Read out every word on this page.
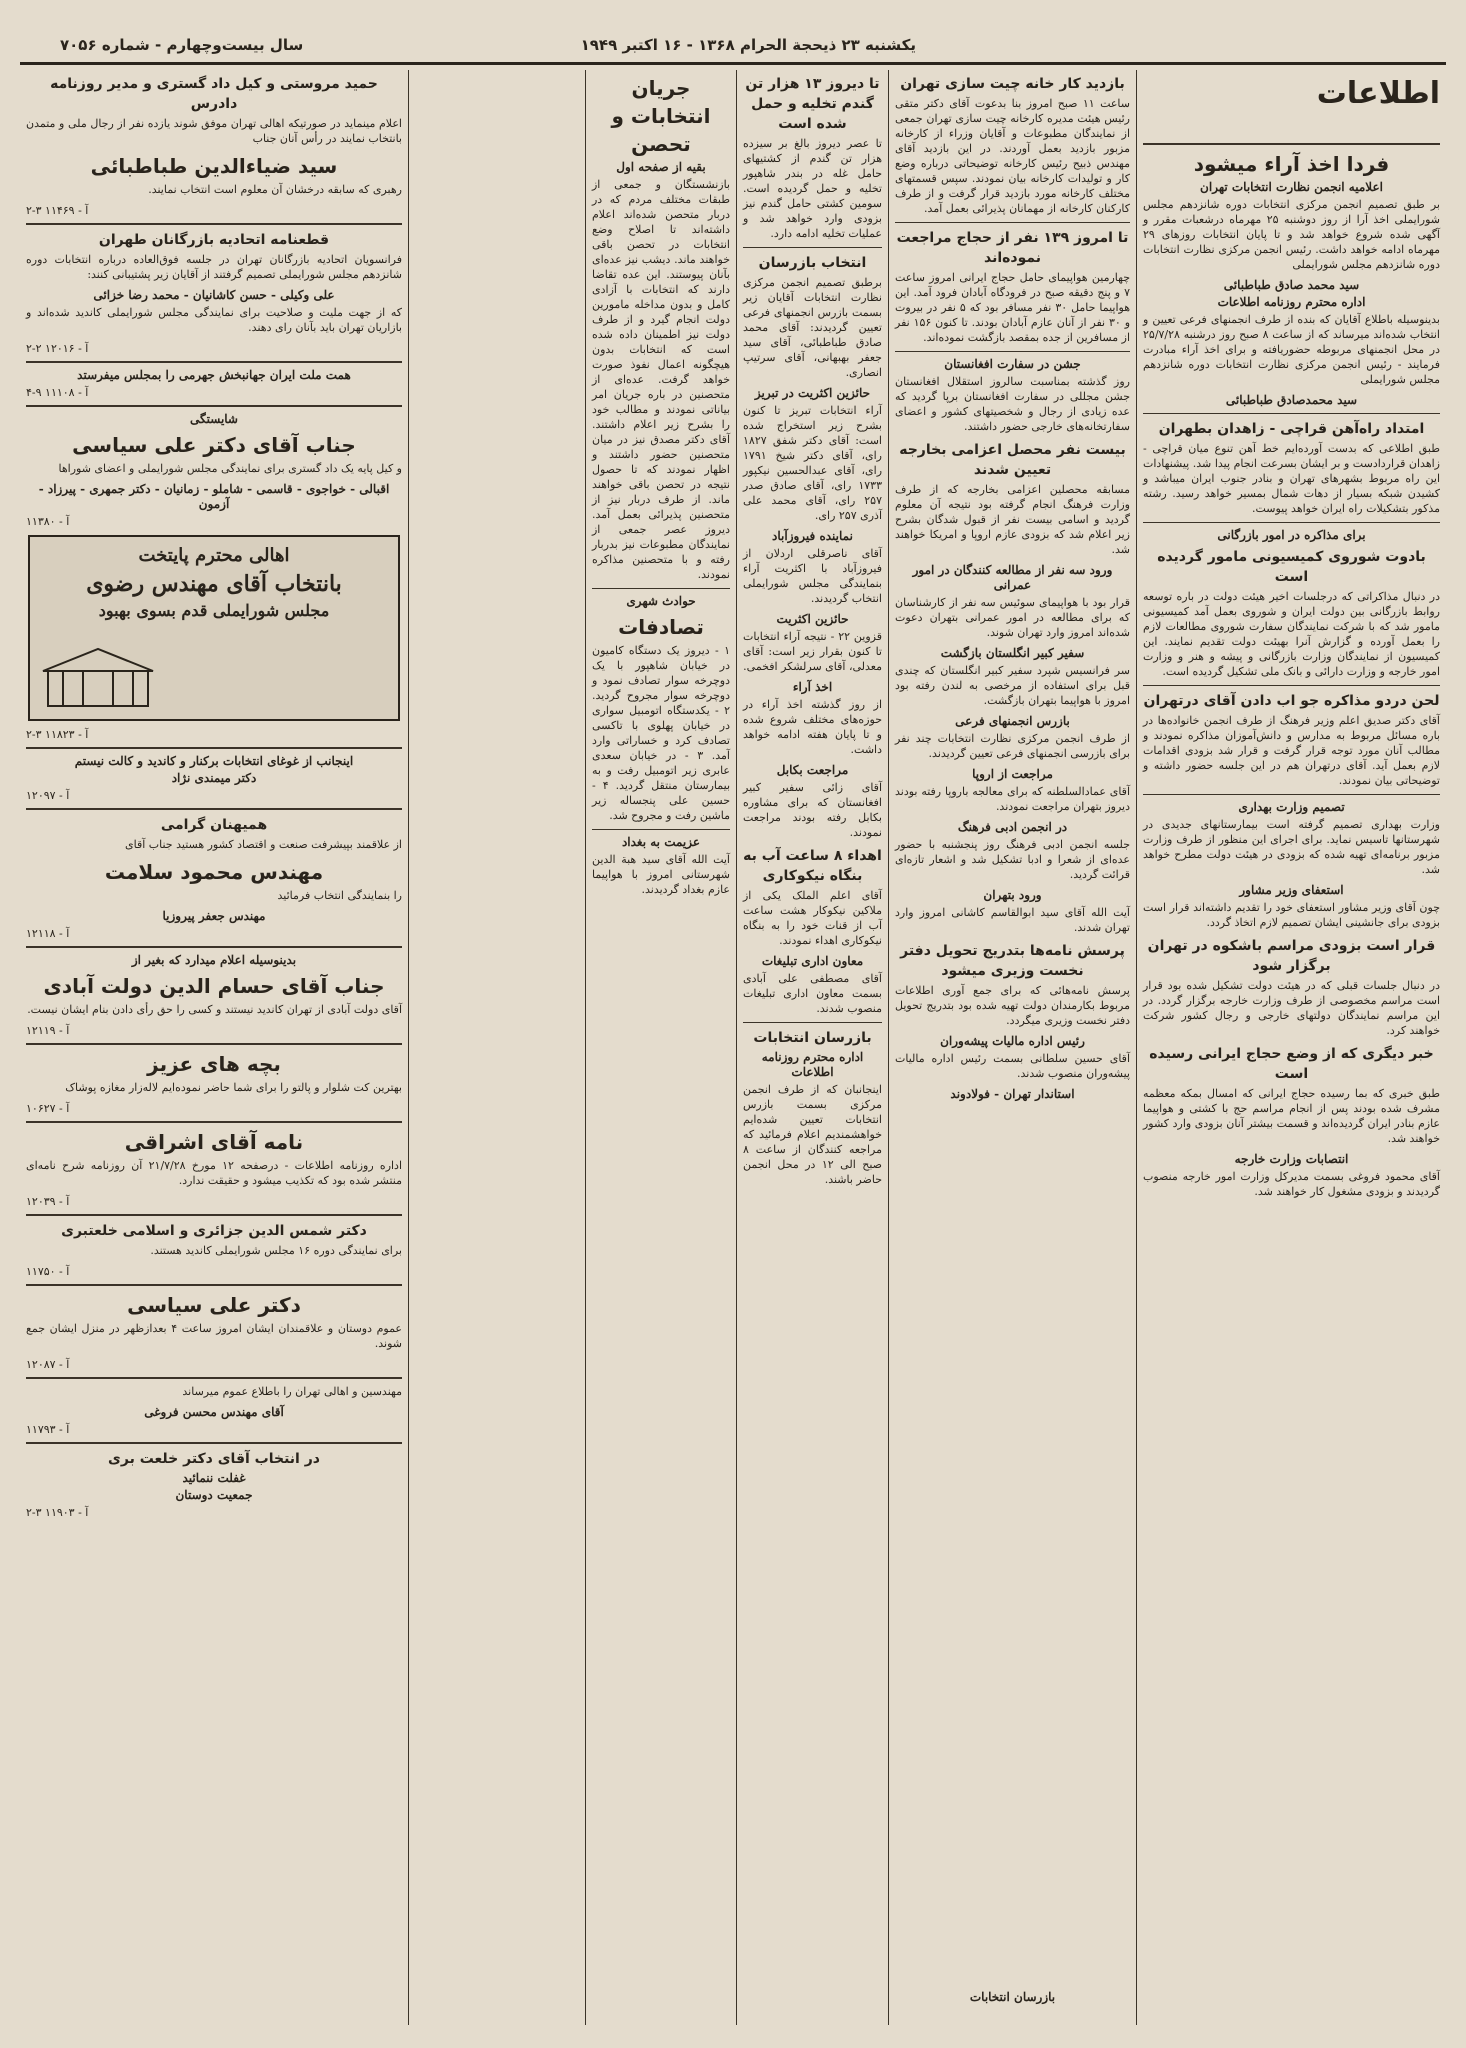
یکشنبه ۲۳ ذیحجة الحرام ۱۳۶۸ - ۱۶ اکتبر ۱۹۴۹
سال بیست‌وچهارم - شماره ۷۰۵۶
اطلاعات
فردا اخذ آراء میشود
اعلامیه انجمن نظارت انتخابات تهران
بر طبق تصمیم انجمن مرکزی انتخابات دوره شانزدهم مجلس شورایملی اخذ آرا از روز دوشنبه ۲۵ مهرماه درشعبات مقرر و آگهی شده شروع خواهد شد و تا پایان انتخابات روزهای ۲۹ مهرماه ادامه خواهد داشت. رئیس انجمن مرکزی نظارت انتخابات دوره شانزدهم مجلس شورایملی
سید محمد صادق طباطبائی
اداره محترم روزنامه اطلاعات
بدینوسیله باطلاع آقایان که بنده از طرف انجمنهای فرعی تعیین و انتخاب شده‌اند میرساند که از ساعت ۸ صبح روز درشنبه ۲۵/۷/۲۸ در محل انجمنهای مربوطه حضوریافته و برای اخذ آراء مبادرت فرمایند - رئیس انجمن مرکزی نظارت انتخابات دوره شانزدهم مجلس شورایملی
سید محمدصادق طباطبائی
امتداد راه‌آهن قراچی - زاهدان بطهران
طبق اطلاعی که بدست آورده‌ایم خط آهن تنوع میان قراچی - زاهدان قراردادست و بر ایشان بسرعت انجام پیدا شد. پیشنهادات این راه مربوط بشهرهای تهران و بنادر جنوب ایران میباشد و کشیدن شبکه بسیار از دهات شمال بمسیر خواهد رسید. رشته مذکور بتشکیلات راه ایران خواهد پیوست.
برای مذاکره در امور بازرگانی
بادوت شوروی کمیسیونی مامور گردیده است
در دنبال مذاکراتی که درجلسات اخیر هیئت دولت در باره توسعه روابط بازرگانی بین دولت ایران و شوروی بعمل آمد کمیسیونی مامور شد که با شرکت نمایندگان سفارت شوروی مطالعات لازم را بعمل آورده و گزارش آنرا بهیئت دولت تقدیم نمایند. این کمیسیون از نمایندگان وزارت بازرگانی و پیشه و هنر و وزارت امور خارجه و وزارت دارائی و بانک ملی تشکیل گردیده است.
لحن دردو مذاکره جو اب دادن آقای درتهران
آقای دکتر صدیق اعلم وزیر فرهنگ از طرف انجمن خانواده‌ها در باره مسائل مربوط به مدارس و دانش‌آموزان مذاکره نمودند و مطالب آنان مورد توجه قرار گرفت و قرار شد بزودی اقدامات لازم بعمل آید. آقای درتهران هم در این جلسه حضور داشته و توضیحاتی بیان نمودند.
تصمیم وزارت بهداری
وزارت بهداری تصمیم گرفته است بیمارستانهای جدیدی در شهرستانها تاسیس نماید. برای اجرای این منظور از طرف وزارت مزبور برنامه‌ای تهیه شده که بزودی در هیئت دولت مطرح خواهد شد.
استعفای وزیر مشاور
چون آقای وزیر مشاور استعفای خود را تقدیم داشته‌اند قرار است بزودی برای جانشینی ایشان تصمیم لازم اتخاذ گردد.
قرار است بزودی مراسم باشکوه در تهران برگزار شود
در دنبال جلسات قبلی که در هیئت دولت تشکیل شده بود قرار است مراسم مخصوصی از طرف وزارت خارجه برگزار گردد. در این مراسم نمایندگان دولتهای خارجی و رجال کشور شرکت خواهند کرد.
خبر دیگری که از وضع حجاج ایرانی رسیده است
طبق خبری که بما رسیده حجاج ایرانی که امسال بمکه معظمه مشرف شده بودند پس از انجام مراسم حج با کشتی و هواپیما عازم بنادر ایران گردیده‌اند و قسمت بیشتر آنان بزودی وارد کشور خواهند شد.
انتصابات وزارت خارجه
آقای محمود فروغی بسمت مدیرکل وزارت امور خارجه منصوب گردیدند و بزودی مشغول کار خواهند شد.
بازدید کار خانه چیت سازی تهران
ساعت ۱۱ صبح امروز بنا بدعوت آقای دکتر متقی رئیس هیئت مدیره کارخانه چیت سازی تهران جمعی از نمایندگان مطبوعات و آقایان وزراء از کارخانه مزبور بازدید بعمل آوردند. در این بازدید آقای مهندس ذبیح رئیس کارخانه توضیحاتی درباره وضع کار و تولیدات کارخانه بیان نمودند. سپس قسمتهای مختلف کارخانه مورد بازدید قرار گرفت و از طرف کارکنان کارخانه از مهمانان پذیرائی بعمل آمد.
تا امروز ۱۳۹ نفر از حجاج مراجعت نموده‌اند
چهارمین هواپیمای حامل حجاج ایرانی امروز ساعت ۷ و پنج دقیقه صبح در فرودگاه آبادان فرود آمد. این هواپیما حامل ۳۰ نفر مسافر بود که ۵ نفر در بیروت و ۳۰ نفر از آنان عازم آبادان بودند. تا کنون ۱۵۶ نفر از مسافرین از جده بمقصد بازگشت نموده‌اند.
جشن در سفارت افغانستان
روز گذشته بمناسبت سالروز استقلال افغانستان جشن مجللی در سفارت افغانستان برپا گردید که عده زیادی از رجال و شخصیتهای کشور و اعضای سفارتخانه‌های خارجی حضور داشتند.
بیست نفر محصل اعزامی بخارجه تعیین شدند
مسابقه محصلین اعزامی بخارجه که از طرف وزارت فرهنگ انجام گرفته بود نتیجه آن معلوم گردید و اسامی بیست نفر از قبول شدگان بشرح زیر اعلام شد که بزودی عازم اروپا و امریکا خواهند شد.
ورود سه نفر از مطالعه کنندگان در امور عمرانی
قرار بود با هواپیمای سوئیس سه نفر از کارشناسان که برای مطالعه در امور عمرانی بتهران دعوت شده‌اند امروز وارد تهران شوند.
سفیر کبیر انگلستان بازگشت
سر فرانسیس شپرد سفیر کبیر انگلستان که چندی قبل برای استفاده از مرخصی به لندن رفته بود امروز با هواپیما بتهران بازگشت.
بازرس انجمنهای فرعی
از طرف انجمن مرکزی نظارت انتخابات چند نفر برای بازرسی انجمنهای فرعی تعیین گردیدند.
مراجعت از اروپا
آقای عمادالسلطنه که برای معالجه باروپا رفته بودند دیروز بتهران مراجعت نمودند.
در انجمن ادبی فرهنگ
جلسه انجمن ادبی فرهنگ روز پنجشنبه با حضور عده‌ای از شعرا و ادبا تشکیل شد و اشعار تازه‌ای قرائت گردید.
ورود بتهران
آیت الله آقای سید ابوالقاسم کاشانی امروز وارد تهران شدند.
پرسش نامه‌ها بتدریج تحویل دفتر نخست وزیری میشود
پرسش نامه‌هائی که برای جمع آوری اطلاعات مربوط بکارمندان دولت تهیه شده بود بتدریج تحویل دفتر نخست وزیری میگردد.
رئیس اداره مالیات پیشه‌وران
آقای حسین سلطانی بسمت رئیس اداره مالیات پیشه‌وران منصوب شدند.
استاندار تهران - فولادوند
تا دیروز ۱۳ هزار تن گندم تخلیه و حمل شده است
تا عصر دیروز بالغ بر سیزده هزار تن گندم از کشتیهای حامل غله در بندر شاهپور تخلیه و حمل گردیده است. سومین کشتی حامل گندم نیز بزودی وارد خواهد شد و عملیات تخلیه ادامه دارد.
انتخاب بازرسان
برطبق تصمیم انجمن مرکزی نظارت انتخابات آقایان زیر بسمت بازرس انجمنهای فرعی تعیین گردیدند: آقای محمد صادق طباطبائی، آقای سید جعفر بهبهانی، آقای سرتیپ انصاری.
حائزین اکثریت در تبریز
آراء انتخابات تبریز تا کنون بشرح زیر استخراج شده است: آقای دکتر شفق ۱۸۲۷ رای، آقای دکتر شیخ ۱۷۹۱ رای، آقای عبدالحسین نیکپور ۱۷۳۳ رای، آقای صادق صدر ۲۵۷ رای، آقای محمد علی آذری ۲۵۷ رای.
نماینده فیروزآباد
آقای ناصرقلی اردلان از فیروزآباد با اکثریت آراء بنمایندگی مجلس شورایملی انتخاب گردیدند.
حائزین اکثریت
قزوین ۲۲ - نتیجه آراء انتخابات تا کنون بقرار زیر است: آقای معدلی، آقای سرلشکر افخمی.
اخذ آراء
از روز گذشته اخذ آراء در حوزه‌های مختلف شروع شده و تا پایان هفته ادامه خواهد داشت.
مراجعت بکابل
آقای زائی سفیر کبیر افغانستان که برای مشاوره بکابل رفته بودند مراجعت نمودند.
اهداء ۸ ساعت آب به بنگاه نیکوکاری
آقای اعلم الملک یکی از ملاکین نیکوکار هشت ساعت آب از قنات خود را به بنگاه نیکوکاری اهداء نمودند.
معاون اداری تبلیغات
آقای مصطفی علی آبادی بسمت معاون اداری تبلیغات منصوب شدند.
بازرسان انتخابات
اداره محترم روزنامه اطلاعات
اینجانبان که از طرف انجمن مرکزی بسمت بازرس انتخابات تعیین شده‌ایم خواهشمندیم اعلام فرمائید که مراجعه کنندگان از ساعت ۸ صبح الی ۱۲ در محل انجمن حاضر باشند.
جریان انتخابات و تحصن
بقیه از صفحه اول
بازنشستگان و جمعی از طبقات مختلف مردم که در دربار متحصن شده‌اند اعلام داشته‌اند تا اصلاح وضع انتخابات در تحصن باقی خواهند ماند. دیشب نیز عده‌ای بآنان پیوستند. این عده تقاضا دارند که انتخابات با آزادی کامل و بدون مداخله مامورین دولت انجام گیرد و از طرف دولت نیز اطمینان داده شده است که انتخابات بدون هیچگونه اعمال نفوذ صورت خواهد گرفت. عده‌ای از متحصنین در باره جریان امر بیاناتی نمودند و مطالب خود را بشرح زیر اعلام داشتند. آقای دکتر مصدق نیز در میان متحصنین حضور داشتند و اظهار نمودند که تا حصول نتیجه در تحصن باقی خواهند ماند. از طرف دربار نیز از متحصنین پذیرائی بعمل آمد. دیروز عصر جمعی از نمایندگان مطبوعات نیز بدربار رفته و با متحصنین مذاکره نمودند.
حوادث شهری
تصادفات
۱ - دیروز یک دستگاه کامیون در خیابان شاهپور با یک دوچرخه سوار تصادف نمود و دوچرخه سوار مجروح گردید. ۲ - یکدستگاه اتومبیل سواری در خیابان پهلوی با تاکسی تصادف کرد و خساراتی وارد آمد. ۳ - در خیابان سعدی عابری زیر اتومبیل رفت و به بیمارستان منتقل گردید. ۴ - حسین علی پنجساله زیر ماشین رفت و مجروح شد.
عزیمت به بغداد
آیت الله آقای سید هبة الدین شهرستانی امروز با هواپیما عازم بغداد گردیدند.
حمید مروستی و کیل داد گستری و مدیر روزنامه دادرس
اعلام مینماید در صورتیکه اهالی تهران موفق شوند یازده نفر از رجال ملی و متمدن بانتخاب نمایند در رأس آنان جناب
سید ضیاءالدین طباطبائی
رهبری که سابقه درخشان آن معلوم است انتخاب نمایند.
۲-۳ آ - ۱۱۴۶۹
قطعنامه اتحادیه بازرگانان طهران
فرانسویان اتحادیه بازرگانان تهران در جلسه فوق‌العاده درباره انتخابات دوره شانزدهم مجلس شورایملی تصمیم گرفتند از آقایان زیر پشتیبانی کنند:
علی وکیلی - حسن کاشانیان - محمد رضا خزائی
که از جهت ملیت و صلاحیت برای نمایندگی مجلس شورایملی کاندید شده‌اند و بازاریان تهران باید بآنان رای دهند.
۲-۲ آ - ۱۲۰۱۶
همت ملت ایران جهانبخش جهرمی را بمجلس میفرستد
۴-۹ آ - ۱۱۱۰۸
شایستگی
جناب آقای دکتر علی سیاسی
و کیل پایه یک داد گستری برای نمایندگی مجلس شورایملی و اعضای شوراها
اقبالی - خواجوی - قاسمی - شاملو - زمانیان - دکتر جمهری - پیرزاد - آزمون
آ - ۱۱۳۸۰
اهالی محترم پایتخت
بانتخاب آقای مهندس رضوی
مجلس شورایملی قدم بسوی بهبود
۲-۳ آ - ۱۱۸۲۳
اینجانب از غوغای انتخابات برکنار و کاندید و کالت نیستم
دکتر میمندی نژاد
آ - ۱۲۰۹۷
همیهنان گرامی
از علاقمند بپیشرفت صنعت و اقتصاد کشور هستید جناب آقای
مهندس محمود سلامت
را بنمایندگی انتخاب فرمائید
مهندس جعفر پیروزیا
آ - ۱۲۱۱۸
بدینوسیله اعلام میدارد که بغیر از
جناب آقای حسام الدین دولت آبادی
آقای دولت آبادی از تهران کاندید نیستند و کسی را حق رأی دادن بنام ایشان نیست.
آ - ۱۲۱۱۹
بچه های عزیز
بهترین کت شلوار و پالتو را برای شما حاضر نموده‌ایم لاله‌زار مغازه پوشاک
آ - ۱۰۶۲۷
نامه آقای اشراقی
اداره روزنامه اطلاعات - درصفحه ۱۲ مورخ ۲۱/۷/۲۸ آن روزنامه شرح نامه‌ای منتشر شده بود که تکذیب میشود و حقیقت ندارد.
آ - ۱۲۰۳۹
دکتر شمس الدین جزائری و اسلامی خلعتبری
برای نمایندگی دوره ۱۶ مجلس شورایملی کاندید هستند.
آ - ۱۱۷۵۰
دکتر علی سیاسی
عموم دوستان و علاقمندان ایشان امروز ساعت ۴ بعدازظهر در منزل ایشان جمع شوند.
آ - ۱۲۰۸۷
مهندسین و اهالی تهران را باطلاع عموم میرساند
آقای مهندس محسن فروغی
آ - ۱۱۷۹۳
در انتخاب آقای دکتر خلعت بری
غفلت ننمائید
جمعیت دوستان
۲-۳ آ - ۱۱۹۰۳
بازرسان انتخابات
